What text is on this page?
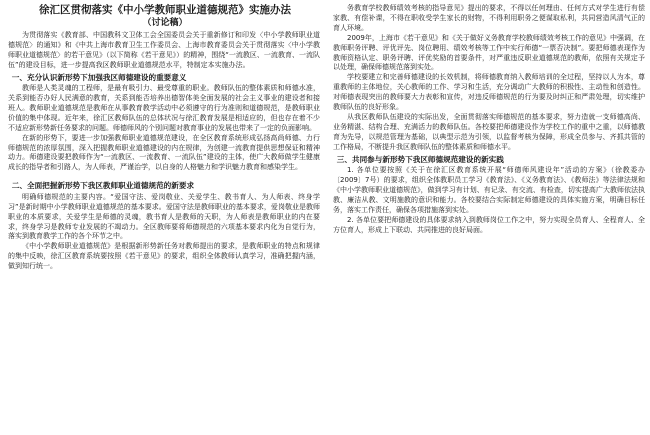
徐汇区贯彻落实《中小学教师职业道德规范》实施办法
（讨论稿）

为贯彻落实《教育部、中国教科文卫体工会全国委员会关于重新修订和印发〈中小学教师职业道德规范〉的通知》和《中共上海市教育卫生工作委员会、上海市教育委员会关于贯彻落实〈中小学教师职业道德规范〉的若干意见》（以下简称《若干意见》）的精神，围绕“一流教区、一流教育、一流队伍”的建设目标，进一步提高我区教师职业道德规范水平，特制定本实施办法。

一、充分认识新形势下加强我区师德建设的重要意义

教师是人类灵魂的工程师，是最有吸引力、最受尊重的职业。教师队伍的整体素质和师德水准，关系到能否办好人民满意的教育，关系到能否培养出德智体美全面发展的社会主义事业的建设者和接班人。教师职业道德规范是教师在从事教育教学活动中必须遵守的行为准则和道德规范，是教师职业价值的集中体现。近年来，徐汇区教师队伍的总体状况与徐汇教育发展是相适应的，但也存在着不少不适应新形势新任务要求的问题。师德师风的个别问题对教育事业的发展也带来了一定的负面影响。

在新的形势下，要进一步加强教师职业道德规范建设，在全区教育系统形成弘扬高尚师德、力行师德规范的浓厚氛围，深入把握教师职业道德建设的内在规律，为创建一流教育提供思想保证和精神动力。师德建设要把教师作为“一流教区、一流教育、一流队伍”建设的主体，使广大教师做学生健康成长的指导者和引路人，为人师表，严谨治学，以自身的人格魅力和学识魅力教育和感染学生。

二、全面把握新形势下我区教师职业道德规范的新要求

明确师德规范的主要内容。“爱国守法、爱岗敬业、关爱学生、教书育人、为人师表、终身学习”是新时期中小学教师职业道德规范的基本要求。爱国守法是教师职业的基本要求，爱岗敬业是教师职业的本质要求，关爱学生是师德的灵魂，教书育人是教师的天职，为人师表是教师职业的内在要求，终身学习是教师专业发展的不竭动力。全区教师要将师德规范的六项基本要求内化为自觉行为，落实到教育教学工作的各个环节之中。

《中小学教师职业道德规范》是根据新形势新任务对教师提出的要求，是教师职业的特点和规律的集中反映，徐汇区教育系统要按照《若干意见》的要求，组织全体教师认真学习，准确把握内涵，做到知行统一。

务教育学校教师绩效考核的指导意见》提出的要求，不得以任何理由、任何方式对学生进行有偿家教、有偿补课，不得在职收受学生家长的财物，不得利用职务之便谋取私利，共同营造风清气正的育人环境。

2009年，上海市《若干意见》和《关于做好义务教育学校教师绩效考核工作的意见》中强调，在教师职务评聘、评优评先、岗位聘用、绩效考核等工作中实行师德“一票否决制”。要把师德表现作为教师资格认定、职务评聘、评优奖励的首要条件，对严重违反职业道德规范的教师，依照有关规定予以处理，确保师德规范落到实处。

学校要建立和完善师德建设的长效机制，将师德教育纳入教师培训的全过程，坚持以人为本，尊重教师的主体地位，关心教师的工作、学习和生活，充分调动广大教师的积极性、主动性和创造性。对师德表现突出的教师要大力表彰和宣传，对违反师德规范的行为要及时纠正和严肃处理，切实维护教师队伍的良好形象。

从我区教师队伍建设的实际出发，全面贯彻落实师德规范的基本要求，努力造就一支师德高尚、业务精湛、结构合理、充满活力的教师队伍。各校要把师德建设作为学校工作的重中之重，以师德教育为先导，以规范管理为基础，以典型示范为引领，以监督考核为保障，形成全员参与、齐抓共管的工作格局，不断提升我区教师队伍的整体素质和师德水平。

三、共同参与新形势下我区师德规范建设的新实践

1. 各单位要按照《关于在徐汇区教育系统开展“师德师风建设年”活动的方案》（徐教委办〔2009〕7号）的要求，组织全体教职员工学习《教育法》、《义务教育法》、《教师法》等法律法规和《中小学教师职业道德规范》，做到学习有计划、有记录、有交流、有检查，切实提高广大教师依法执教、廉洁从教、文明施教的意识和能力。各校要结合实际制定师德建设的具体实施方案，明确目标任务，落实工作责任，确保各项措施落到实处。

2. 各单位要把师德建设的具体要求纳入到教师岗位工作之中，努力实现全员育人、全程育人、全方位育人，形成上下联动、共同推进的良好局面。
